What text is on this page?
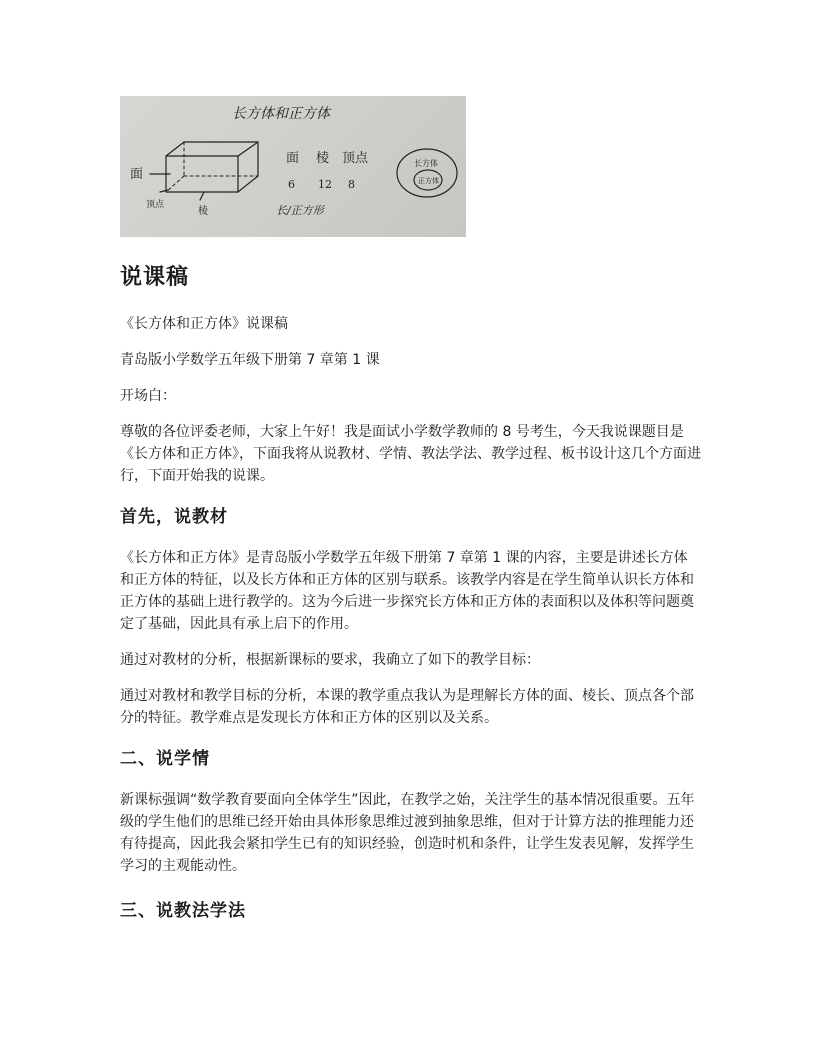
长方体和正方体
面
顶点
棱
面 棱 顶点
6 12 8
长/正方形
长方体
正方体
说课稿

《长方体和正方体》说课稿

青岛版小学数学五年级下册第 7 章第 1 课

开场白：

尊敬的各位评委老师，大家上午好！我是面试小学数学教师的 8 号考生，今天我说课题目是《长方体和正方体》，下面我将从说教材、学情、教法学法、教学过程、板书设计这几个方面进行，下面开始我的说课。

首先，说教材

《长方体和正方体》是青岛版小学数学五年级下册第 7 章第 1 课的内容，主要是讲述长方体和正方体的特征，以及长方体和正方体的区别与联系。该教学内容是在学生简单认识长方体和正方体的基础上进行教学的。这为今后进一步探究长方体和正方体的表面积以及体积等问题奠定了基础，因此具有承上启下的作用。

通过对教材的分析，根据新课标的要求，我确立了如下的教学目标：

通过对教材和教学目标的分析，本课的教学重点我认为是理解长方体的面、棱长、顶点各个部分的特征。教学难点是发现长方体和正方体的区别以及关系。

二、说学情

新课标强调“数学教育要面向全体学生”因此，在教学之始，关注学生的基本情况很重要。五年级的学生他们的思维已经开始由具体形象思维过渡到抽象思维，但对于计算方法的推理能力还有待提高，因此我会紧扣学生已有的知识经验，创造时机和条件，让学生发表见解，发挥学生学习的主观能动性。

三、说教法学法
